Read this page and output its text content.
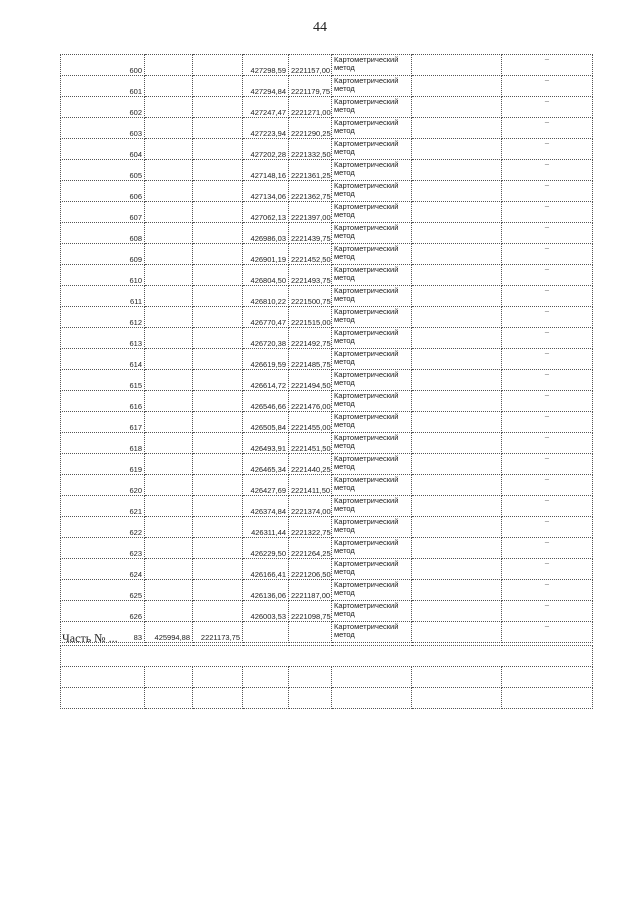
44
600			427298,59	2221157,00	Картометрический метод		–
601			427294,84	2221179,75	Картометрический метод		–
602			427247,47	2221271,00	Картометрический метод		–
603			427223,94	2221290,25	Картометрический метод		–
604			427202,28	2221332,50	Картометрический метод		–
605			427148,16	2221361,25	Картометрический метод		–
606			427134,06	2221362,75	Картометрический метод		–
607			427062,13	2221397,00	Картометрический метод		–
608			426986,03	2221439,75	Картометрический метод		–
609			426901,19	2221452,50	Картометрический метод		–
610			426804,50	2221493,75	Картометрический метод		–
611			426810,22	2221500,75	Картометрический метод		–
612			426770,47	2221515,00	Картометрический метод		–
613			426720,38	2221492,75	Картометрический метод		–
614			426619,59	2221485,75	Картометрический метод		–
615			426614,72	2221494,50	Картометрический метод		–
616			426546,66	2221476,00	Картометрический метод		–
617			426505,84	2221455,00	Картометрический метод		–
618			426493,91	2221451,50	Картометрический метод		–
619			426465,34	2221440,25	Картометрический метод		–
620			426427,69	2221411,50	Картометрический метод		–
621			426374,84	2221374,00	Картометрический метод		–
622			426311,44	2221322,75	Картометрический метод		–
623			426229,50	2221264,25	Картометрический метод		–
624			426166,41	2221206,50	Картометрический метод		–
625			426136,06	2221187,00	Картометрический метод		–
626			426003,53	2221098,75	Картометрический метод		–
83	425994,88	2221173,75			Картометрический метод		–
Часть № ...
